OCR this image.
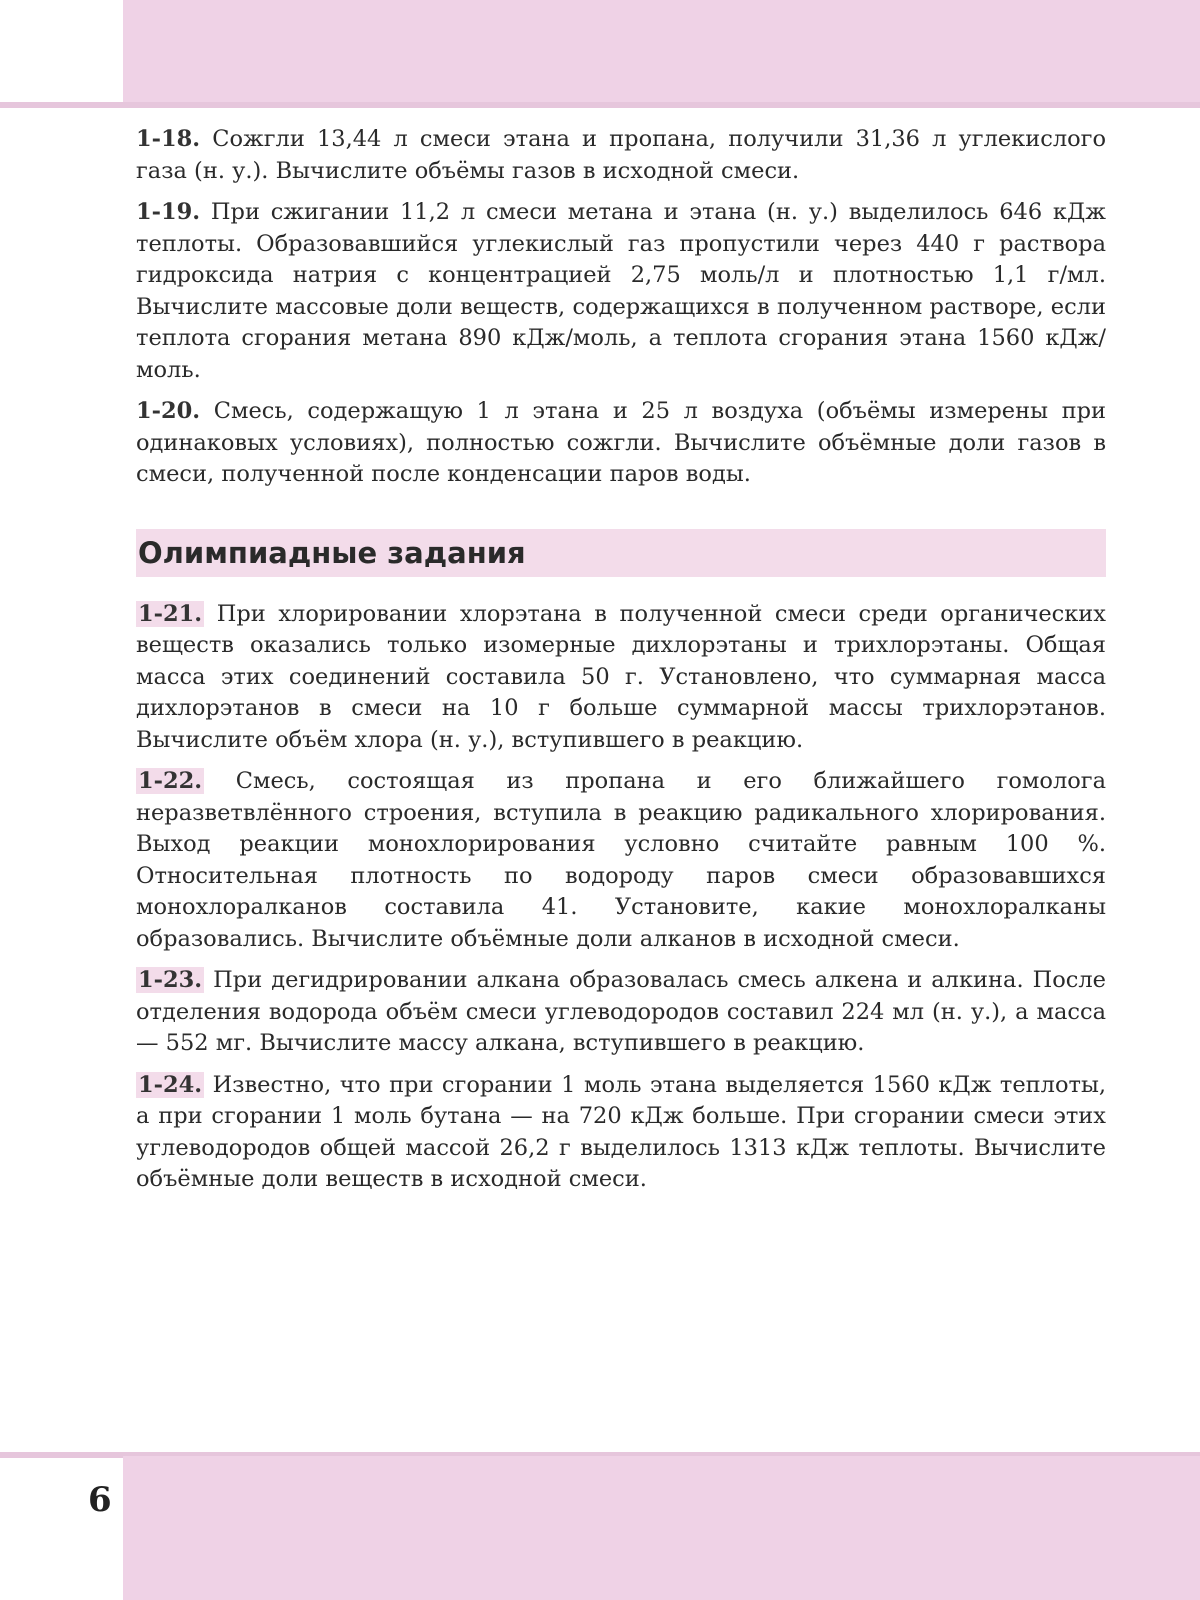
1-18. Сожгли 13,44 л смеси этана и пропана, получили 31,36 л углекислого газа (н. у.). Вычислите объёмы газов в исходной смеси.

1-19. При сжигании 11,2 л смеси метана и этана (н. у.) выделилось 646 кДж теплоты. Образовавшийся углекислый газ пропустили через 440 г раствора гидроксида натрия с концентрацией 2,75 моль/л и плотностью 1,1 г/мл. Вычислите массовые доли веществ, содержащихся в полученном растворе, если теплота сгорания метана 890 кДж/моль, а теплота сгорания этана 1560 кДж/моль.

1-20. Смесь, содержащую 1 л этана и 25 л воздуха (объёмы измерены при одинаковых условиях), полностью сожгли. Вычислите объёмные доли газов в смеси, полученной после конденсации паров воды.

Олимпиадные задания

1-21. При хлорировании хлорэтана в полученной смеси среди органических веществ оказались только изомерные дихлорэтаны и трихлорэтаны. Общая масса этих соединений составила 50 г. Установлено, что суммарная масса дихлорэтанов в смеси на 10 г больше суммарной массы трихлорэтанов. Вычислите объём хлора (н. у.), вступившего в реакцию.

1-22. Смесь, состоящая из пропана и его ближайшего гомолога неразветвлённого строения, вступила в реакцию радикального хлорирования. Выход реакции монохлорирования условно считайте равным 100 %. Относительная плотность по водороду паров смеси образовавшихся монохлоралканов составила 41. Установите, какие монохлоралканы образовались. Вычислите объёмные доли алканов в исходной смеси.

1-23. При дегидрировании алкана образовалась смесь алкена и алкина. После отделения водорода объём смеси углеводородов составил 224 мл (н. у.), а масса — 552 мг. Вычислите массу алкана, вступившего в реакцию.

1-24. Известно, что при сгорании 1 моль этана выделяется 1560 кДж теплоты, а при сгорании 1 моль бутана — на 720 кДж больше. При сгорании смеси этих углеводородов общей массой 26,2 г выделилось 1313 кДж теплоты. Вычислите объёмные доли веществ в исходной смеси.

6
